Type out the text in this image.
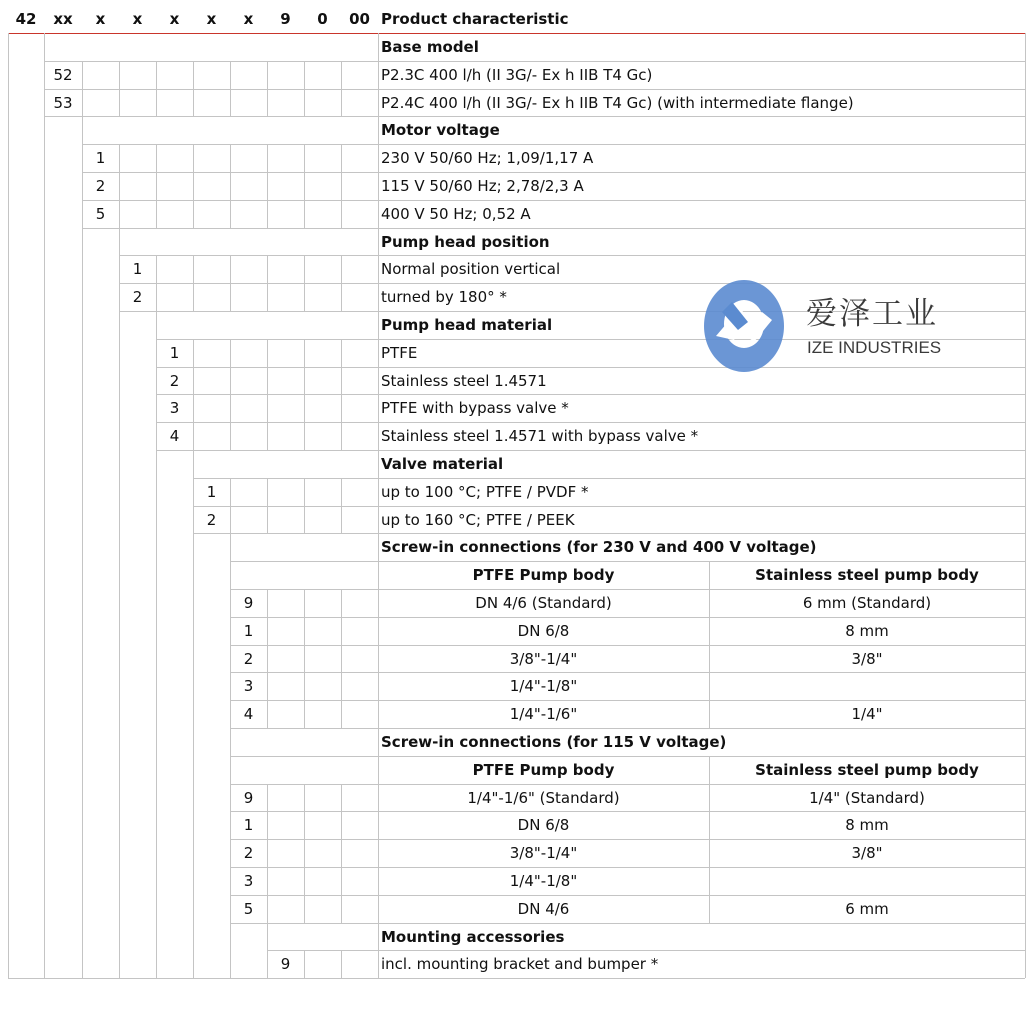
42	xx	x	x	x	x	x	9	0	00 Product characteristic
Base model
52	P2.3C 400 l/h (II 3G/- Ex h IIB T4 Gc)
53	P2.4C 400 l/h (II 3G/- Ex h IIB T4 Gc) (with intermediate flange)
Motor voltage
1	230 V 50/60 Hz; 1,09/1,17 A
2	115 V 50/60 Hz; 2,78/2,3 A
5	400 V 50 Hz; 0,52 A
Pump head position
1	Normal position vertical
2	turned by 180° *
Pump head material
1	PTFE
2	Stainless steel 1.4571
3	PTFE with bypass valve *
4	Stainless steel 1.4571 with bypass valve *
Valve material
1	up to 100 °C; PTFE / PVDF *
2	up to 160 °C; PTFE / PEEK
Screw-in connections (for 230 V and 400 V voltage)
PTFE Pump body	Stainless steel pump body
9	DN 4/6 (Standard)	6 mm (Standard)
1	DN 6/8	8 mm
2	3/8"-1/4"	3/8"
3	1/4"-1/8"
4	1/4"-1/6"	1/4"
Screw-in connections (for 115 V voltage)
PTFE Pump body	Stainless steel pump body
9	1/4"-1/6" (Standard)	1/4" (Standard)
1	DN 6/8	8 mm
2	3/8"-1/4"	3/8"
3	1/4"-1/8"
5	DN 4/6	6 mm
Mounting accessories
9	incl. mounting bracket and bumper *
爱泽工业
IZE INDUSTRIES
